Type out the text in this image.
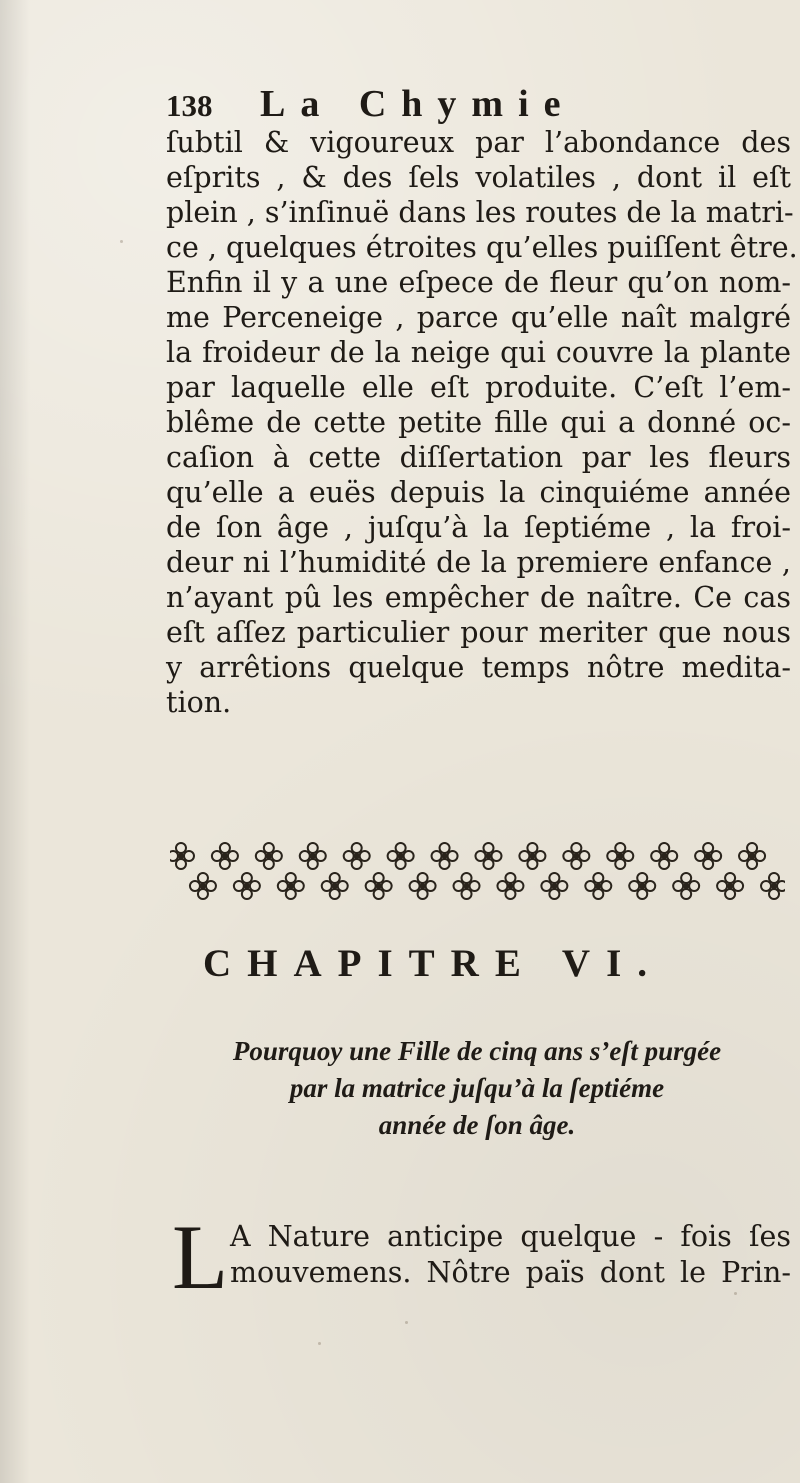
138	La Chymie

ſubtil & vigoureux par l’abondance des
eſprits , & des ſels volatiles , dont il eſt
plein , s’inſinuë dans les routes de la matri-
ce , quelques étroites qu’elles puiſſent être.
Enfin il y a une eſpece de fleur qu’on nom-
me Perceneige , parce qu’elle naît malgré
la froideur de la neige qui couvre la plante
par laquelle elle eſt produite. C’eſt l’em-
blême de cette petite fille qui a donné oc-
caſion à cette diſſertation par les fleurs
qu’elle a euës depuis la cinquiéme année
de ſon âge , juſqu’à la ſeptiéme , la froi-
deur ni l’humidité de la premiere enfance ,
n’ayant pû les empêcher de naître. Ce cas
eſt aſſez particulier pour meriter que nous
y arrêtions quelque temps nôtre medita-
tion.

CHAPITRE VI.
Pourquoy une Fille de cinq ans s’eſt purgée
par la matrice juſqu’à la ſeptiéme
année de ſon âge.
L A Nature anticipe quelque - fois ſes
mouvemens. Nôtre païs dont le Prin-
